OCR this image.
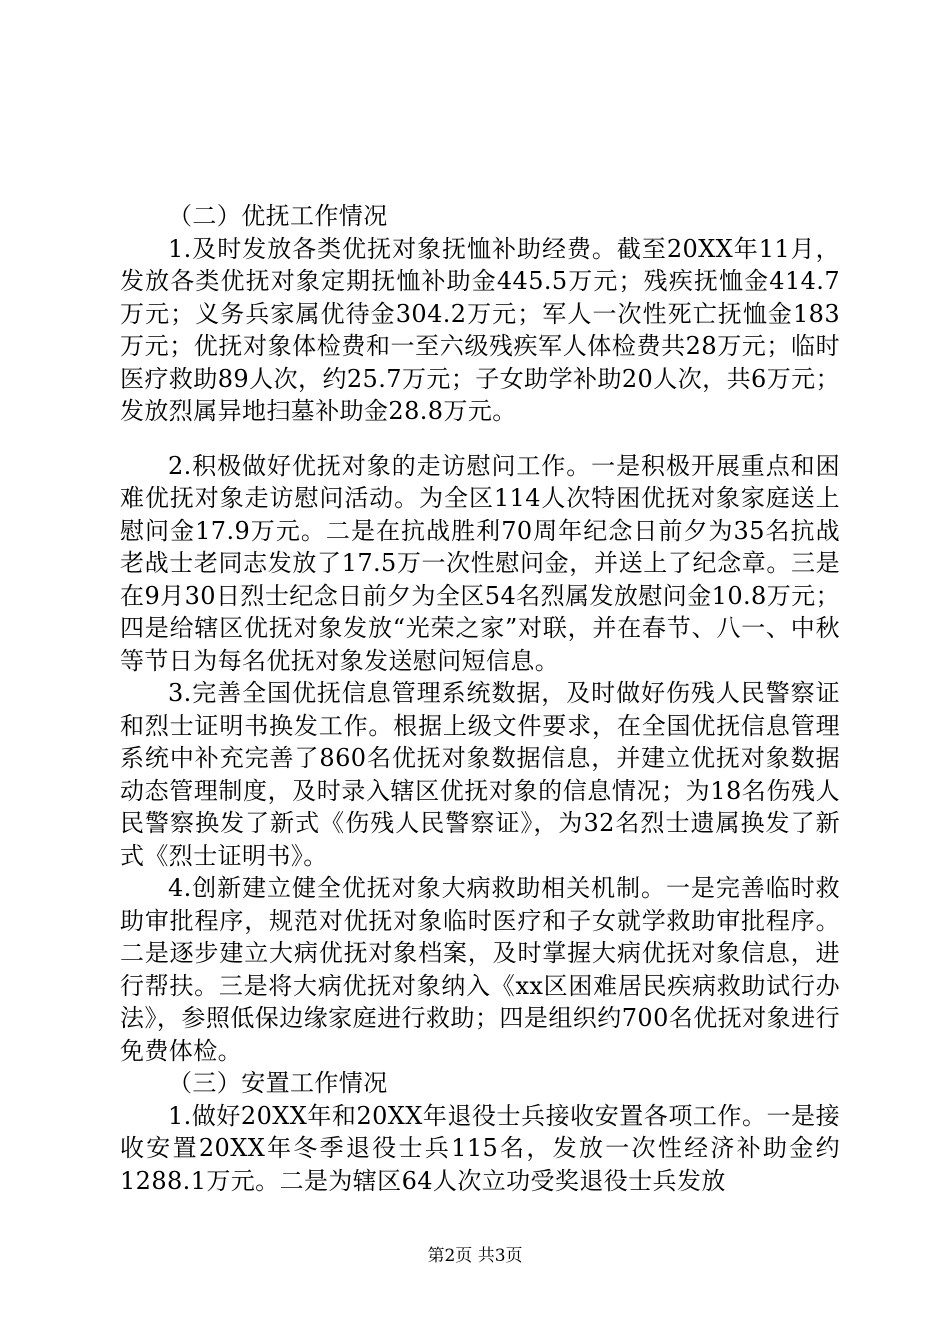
（二）优抚工作情况

1.及时发放各类优抚对象抚恤补助经费。截至20XX年11月，发放各类优抚对象定期抚恤补助金445.5万元；残疾抚恤金414.7万元；义务兵家属优待金304.2万元；军人一次性死亡抚恤金183万元；优抚对象体检费和一至六级残疾军人体检费共28万元；临时医疗救助89人次，约25.7万元；子女助学补助20人次，共6万元；发放烈属异地扫墓补助金28.8万元。

2.积极做好优抚对象的走访慰问工作。一是积极开展重点和困难优抚对象走访慰问活动。为全区114人次特困优抚对象家庭送上慰问金17.9万元。二是在抗战胜利70周年纪念日前夕为35名抗战老战士老同志发放了17.5万一次性慰问金，并送上了纪念章。三是在9月30日烈士纪念日前夕为全区54名烈属发放慰问金10.8万元；四是给辖区优抚对象发放“光荣之家”对联，并在春节、八一、中秋等节日为每名优抚对象发送慰问短信息。

3.完善全国优抚信息管理系统数据，及时做好伤残人民警察证和烈士证明书换发工作。根据上级文件要求，在全国优抚信息管理系统中补充完善了860名优抚对象数据信息，并建立优抚对象数据动态管理制度，及时录入辖区优抚对象的信息情况；为18名伤残人民警察换发了新式《伤残人民警察证》，为32名烈士遗属换发了新式《烈士证明书》。

4.创新建立健全优抚对象大病救助相关机制。一是完善临时救助审批程序，规范对优抚对象临时医疗和子女就学救助审批程序。二是逐步建立大病优抚对象档案，及时掌握大病优抚对象信息，进行帮扶。三是将大病优抚对象纳入《xx区困难居民疾病救助试行办法》，参照低保边缘家庭进行救助；四是组织约700名优抚对象进行免费体检。

（三）安置工作情况

1.做好20XX年和20XX年退役士兵接收安置各项工作。一是接收安置20XX年冬季退役士兵115名，发放一次性经济补助金约1288.1万元。二是为辖区64人次立功受奖退役士兵发放

第2页 共3页
